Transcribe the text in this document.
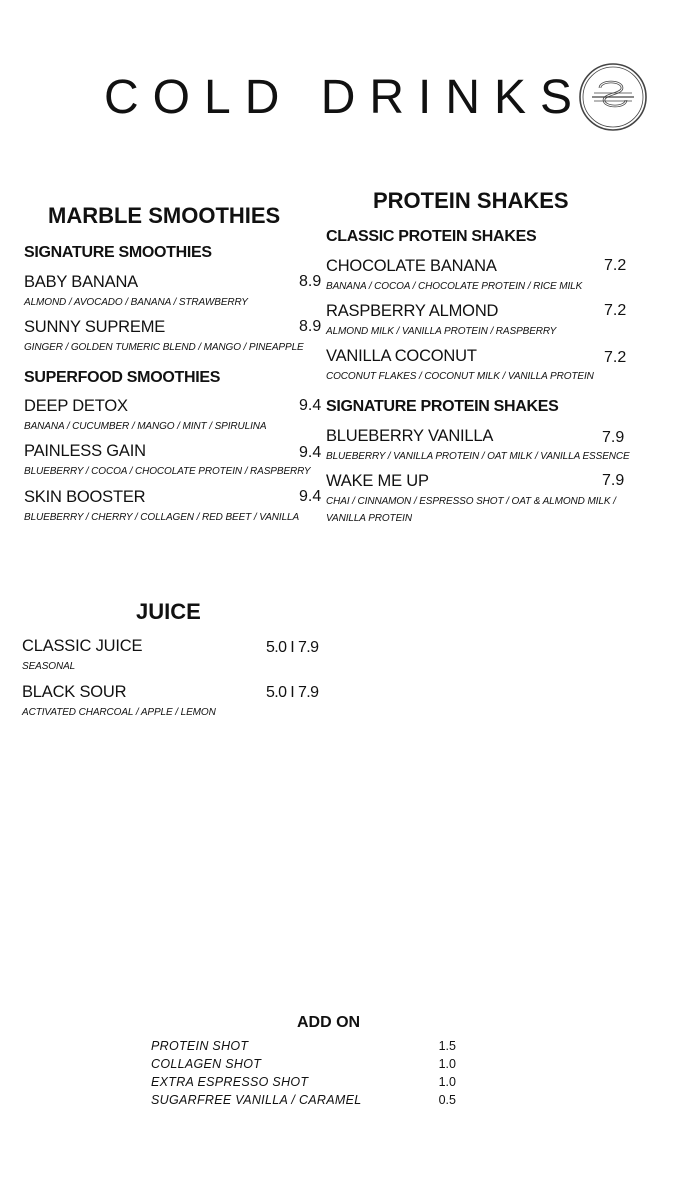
COLD DRINKS
MARBLE SMOOTHIES
SIGNATURE SMOOTHIES
BABY BANANA	8.9
ALMOND / AVOCADO / BANANA / STRAWBERRY
SUNNY SUPREME	8.9
GINGER / GOLDEN TUMERIC BLEND / MANGO / PINEAPPLE
SUPERFOOD SMOOTHIES
DEEP DETOX	9.4
BANANA / CUCUMBER / MANGO / MINT / SPIRULINA
PAINLESS GAIN	9.4
BLUEBERRY / COCOA / CHOCOLATE PROTEIN / RASPBERRY
SKIN BOOSTER	9.4
BLUEBERRY / CHERRY / COLLAGEN / RED BEET / VANILLA
PROTEIN SHAKES
CLASSIC PROTEIN SHAKES
CHOCOLATE BANANA	7.2
BANANA / COCOA / CHOCOLATE PROTEIN / RICE MILK
RASPBERRY ALMOND	7.2
ALMOND MILK / VANILLA PROTEIN / RASPBERRY
VANILLA COCONUT	7.2
COCONUT FLAKES / COCONUT MILK / VANILLA PROTEIN
SIGNATURE PROTEIN SHAKES
BLUEBERRY VANILLA	7.9
BLUEBERRY / VANILLA PROTEIN / OAT MILK / VANILLA ESSENCE
WAKE ME UP	7.9
CHAI / CINNAMON / ESPRESSO SHOT / OAT & ALMOND MILK / VANILLA PROTEIN
JUICE
CLASSIC JUICE	5.0 I 7.9
SEASONAL
BLACK SOUR	5.0 I 7.9
ACTIVATED CHARCOAL / APPLE / LEMON
ADD ON
PROTEIN SHOT	1.5
COLLAGEN SHOT	1.0
EXTRA ESPRESSO SHOT	1.0
SUGARFREE VANILLA / CARAMEL	0.5
